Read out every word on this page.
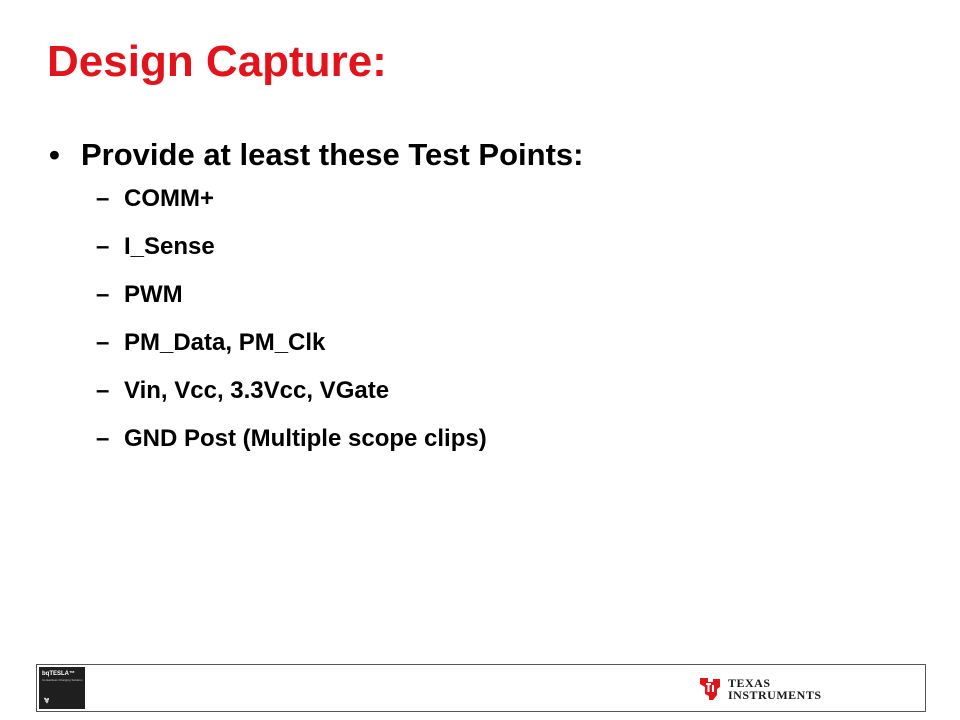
Design Capture:
• Provide at least these Test Points:
– COMM+
– I_Sense
– PWM
– PM_Data, PM_Clk
– Vin, Vcc, 3.3Vcc, VGate
– GND Post (Multiple scope clips)
bqTESLA™
Contactless Charging Solution	TEXAS
INSTRUMENTS
